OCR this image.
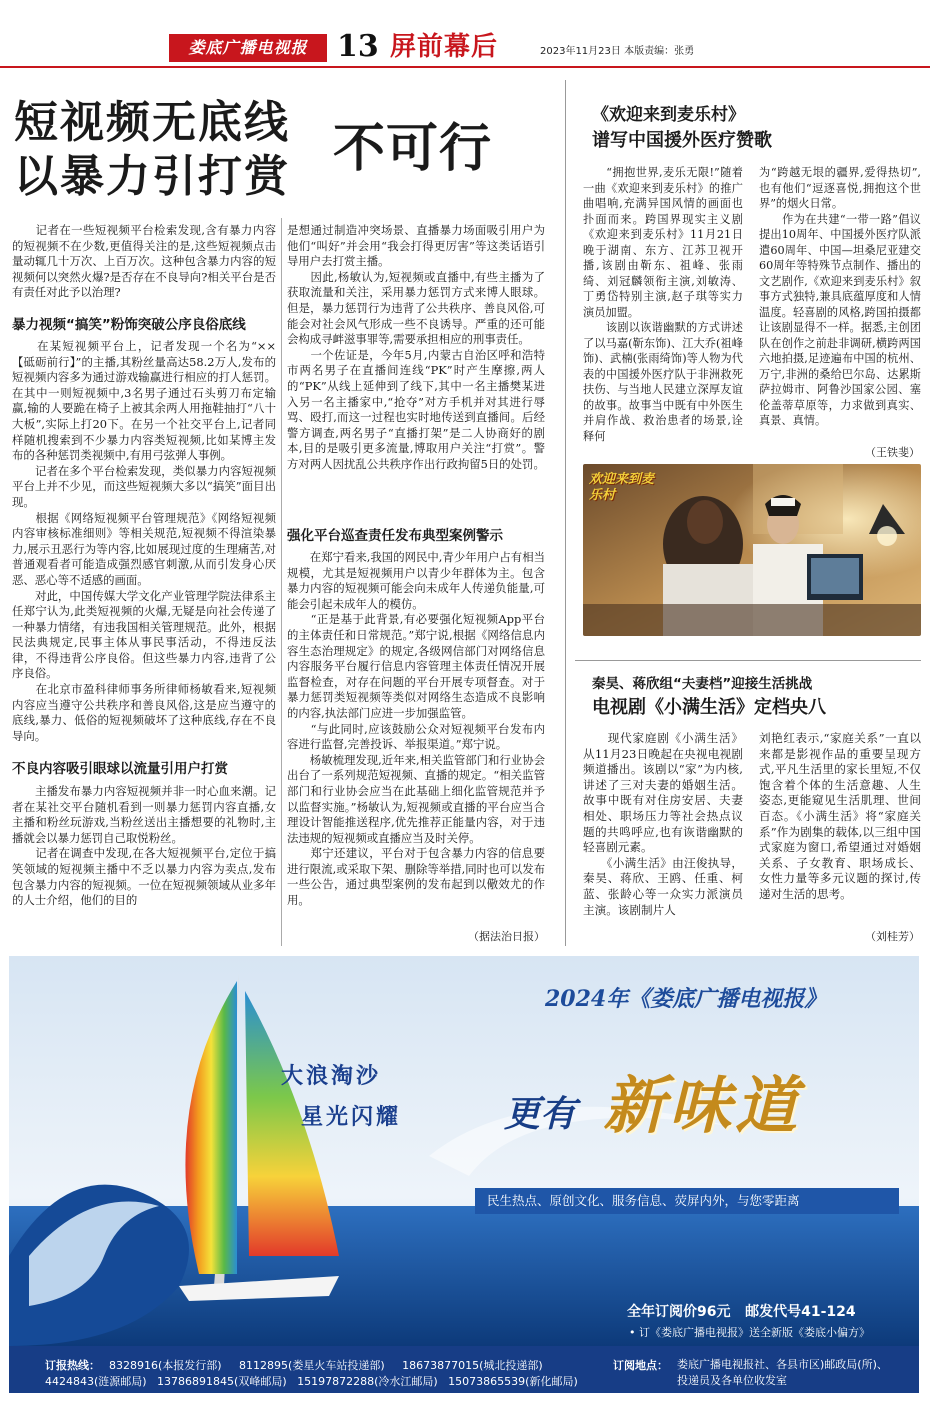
娄底广播电视报 13 屏前幕后	2023年11月23日 本版责编：张勇
短视频无底线
以暴力引打赏 不可行
　　记者在一些短视频平台检索发现,含有暴力内容的短视频不在少数,更值得关注的是,这些短视频点击量动辄几十万次、上百万次。这种包含暴力内容的短视频何以突然火爆?是否存在不良导向?相关平台是否有责任对此予以治理?
暴力视频“搞笑”粉饰突破公序良俗底线
　　在某短视频平台上，记者发现一个名为“××【砥砺前行】”的主播,其粉丝量高达58.2万人,发布的短视频内容多为通过游戏输赢进行相应的打人惩罚。在其中一则短视频中,3名男子通过石头剪刀布定输赢,输的人要跪在椅子上被其余两人用拖鞋抽打“八十大板”,实际上打20下。在另一个社交平台上,记者同样随机搜索到不少暴力内容类短视频,比如某博主发布的各种惩罚类视频中,有用弓弦弹人事例。
　　记者在多个平台检索发现，类似暴力内容短视频平台上并不少见，而这些短视频大多以“搞笑”面目出现。
　　根据《网络短视频平台管理规范》《网络短视频内容审核标准细则》等相关规范,短视频不得渲染暴力,展示丑恶行为等内容,比如展现过度的生理痛苦,对普通观看者可能造成强烈感官刺激,从而引发身心厌恶、恶心等不适感的画面。
　　对此，中国传媒大学文化产业管理学院法律系主任郑宁认为,此类短视频的火爆,无疑是向社会传递了一种暴力情绪，有违我国相关管理规范。此外，根据民法典规定,民事主体从事民事活动，不得违反法律，不得违背公序良俗。但这些暴力内容,违背了公序良俗。
　　在北京市盈科律师事务所律师杨敏看来,短视频内容应当遵守公共秩序和善良风俗,这是应当遵守的底线,暴力、低俗的短视频破坏了这种底线,存在不良导向。
不良内容吸引眼球以流量引用户打赏
　　主播发布暴力内容短视频并非一时心血来潮。记者在某社交平台随机看到一则暴力惩罚内容直播,女主播和粉丝玩游戏,当粉丝送出主播想要的礼物时,主播就会以暴力惩罚自己取悦粉丝。
　　记者在调查中发现,在各大短视频平台,定位于搞笑领域的短视频主播中不乏以暴力内容为卖点,发布包含暴力内容的短视频。一位在短视频领域从业多年的人士介绍，他们的目的
是想通过制造冲突场景、直播暴力场面吸引用户为他们“叫好”并会用“我会打得更厉害”等这类话语引导用户去打赏主播。
　　因此,杨敏认为,短视频或直播中,有些主播为了获取流量和关注，采用暴力惩罚方式来博人眼球。但是，暴力惩罚行为违背了公共秩序、善良风俗,可能会对社会风气形成一些不良诱导。严重的还可能会构成寻衅滋事罪等,需要承担相应的刑事责任。
　　一个佐证是，今年5月,内蒙古自治区呼和浩特市两名男子在直播间连线“PK”时产生摩擦,两人的“PK”从线上延伸到了线下,其中一名主播樊某进入另一名主播家中,“抢夺”对方手机并对其进行辱骂、殴打,而这一过程也实时地传送到直播间。后经警方调查,两名男子“直播打架”是二人协商好的剧本,目的是吸引更多流量,博取用户关注“打赏”。警方对两人因扰乱公共秩序作出行政拘留5日的处罚。
强化平台巡查责任发布典型案例警示
　　在郑宁看来,我国的网民中,青少年用户占有相当规模，尤其是短视频用户以青少年群体为主。包含暴力内容的短视频可能会向未成年人传递负能量,可能会引起未成年人的模仿。
　　“正是基于此背景,有必要强化短视频App平台的主体责任和日常规范。”郑宁说,根据《网络信息内容生态治理规定》的规定,各级网信部门对网络信息内容服务平台履行信息内容管理主体责任情况开展监督检查，对存在问题的平台开展专项督查。对于暴力惩罚类短视频等类似对网络生态造成不良影响的内容,执法部门应进一步加强监管。
　　“与此同时,应该鼓励公众对短视频平台发布内容进行监督,完善投诉、举报渠道。”郑宁说。
　　杨敏梳理发现,近年来,相关监管部门和行业协会出台了一系列规范短视频、直播的规定。“相关监管部门和行业协会应当在此基础上细化监管规范并予以监督实施。”杨敏认为,短视频或直播的平台应当合理设计智能推送程序,优先推荐正能量内容，对于违法违规的短视频或直播应当及时关停。
　　郑宁还建议，平台对于包含暴力内容的信息要进行限流,或采取下架、删除等举措,同时也可以发布一些公告，通过典型案例的发布起到以儆效尤的作用。
（据法治日报）
《欢迎来到麦乐村》
谱写中国援外医疗赞歌
　　“拥抱世界,麦乐无限!”随着一曲《欢迎来到麦乐村》的推广曲唱响,充满异国风情的画面也扑面而来。跨国界现实主义剧《欢迎来到麦乐村》11月21日晚于湖南、东方、江苏卫视开播,该剧由靳东、祖峰、张雨绮、刘冠麟领衔主演,刘敏涛、丁勇岱特别主演,赵子琪等实力演员加盟。
　　该剧以诙谐幽默的方式讲述了以马嘉(靳东饰)、江大乔(祖峰饰)、武楠(张雨绮饰)等人物为代表的中国援外医疗队于非洲救死扶伤、与当地人民建立深厚友谊的故事。故事当中既有中外医生并肩作战、救治患者的场景,诠释何
为“跨越无垠的疆界,爱得热切”,也有他们“逗逐喜悦,拥抱这个世界”的烟火日常。
　　作为在共建“一带一路”倡议提出10周年、中国援外医疗队派遣60周年、中国—坦桑尼亚建交60周年等特殊节点制作、播出的文艺剧作,《欢迎来到麦乐村》叙事方式独特,兼具底蕴厚度和人情温度。轻喜剧的风格,跨国拍摄都让该剧显得不一样。据悉,主创团队在创作之前赴非调研,横跨两国六地拍摄,足迹遍布中国的杭州、万宁,非洲的桑给巴尔岛、达累斯萨拉姆市、阿鲁沙国家公园、塞伦盖蒂草原等，力求做到真实、真景、真情。
（王铁斐）
欢迎来到麦乐村
秦昊、蒋欣组“夫妻档”迎接生活挑战
电视剧《小满生活》定档央八
　　现代家庭剧《小满生活》从11月23日晚起在央视电视剧频道播出。该剧以“家”为内核,讲述了三对夫妻的婚姻生活。故事中既有对住房安居、夫妻相处、职场压力等社会热点议题的共鸣呼应,也有诙谐幽默的轻喜剧元素。
　　《小满生活》由汪俊执导，秦昊、蒋欣、王鸥、任重、柯蓝、张龄心等一众实力派演员主演。该剧制片人
刘艳红表示,“家庭关系”一直以来都是影视作品的重要呈现方式,平凡生活里的家长里短,不仅饱含着个体的生活意趣、人生姿态,更能窥见生活肌理、世间百态。《小满生活》将“家庭关系”作为剧集的载体,以三组中国式家庭为窗口,希望通过对婚姻关系、子女教育、职场成长、女性力量等多元议题的探讨,传递对生活的思考。
（刘桂芳）
2024年《娄底广播电视报》
大浪淘沙
星光闪耀	更有 新味道
民生热点、原创文化、服务信息、荧屏内外，与您零距离
全年订阅价96元   邮发代号41-124
• 订《娄底广播电视报》送全新版《娄底小偏方》
订报热线： 8328916(本报发行部)     8112895(娄星火车站投递部)     18673877015(城北投递部)
4424843(涟源邮局)   13786891845(双峰邮局)   15197872288(冷水江邮局)   15073865539(新化邮局)
订阅地点： 娄底广播电视报社、各县市区)邮政局(所)、投递员及各单位收发室
